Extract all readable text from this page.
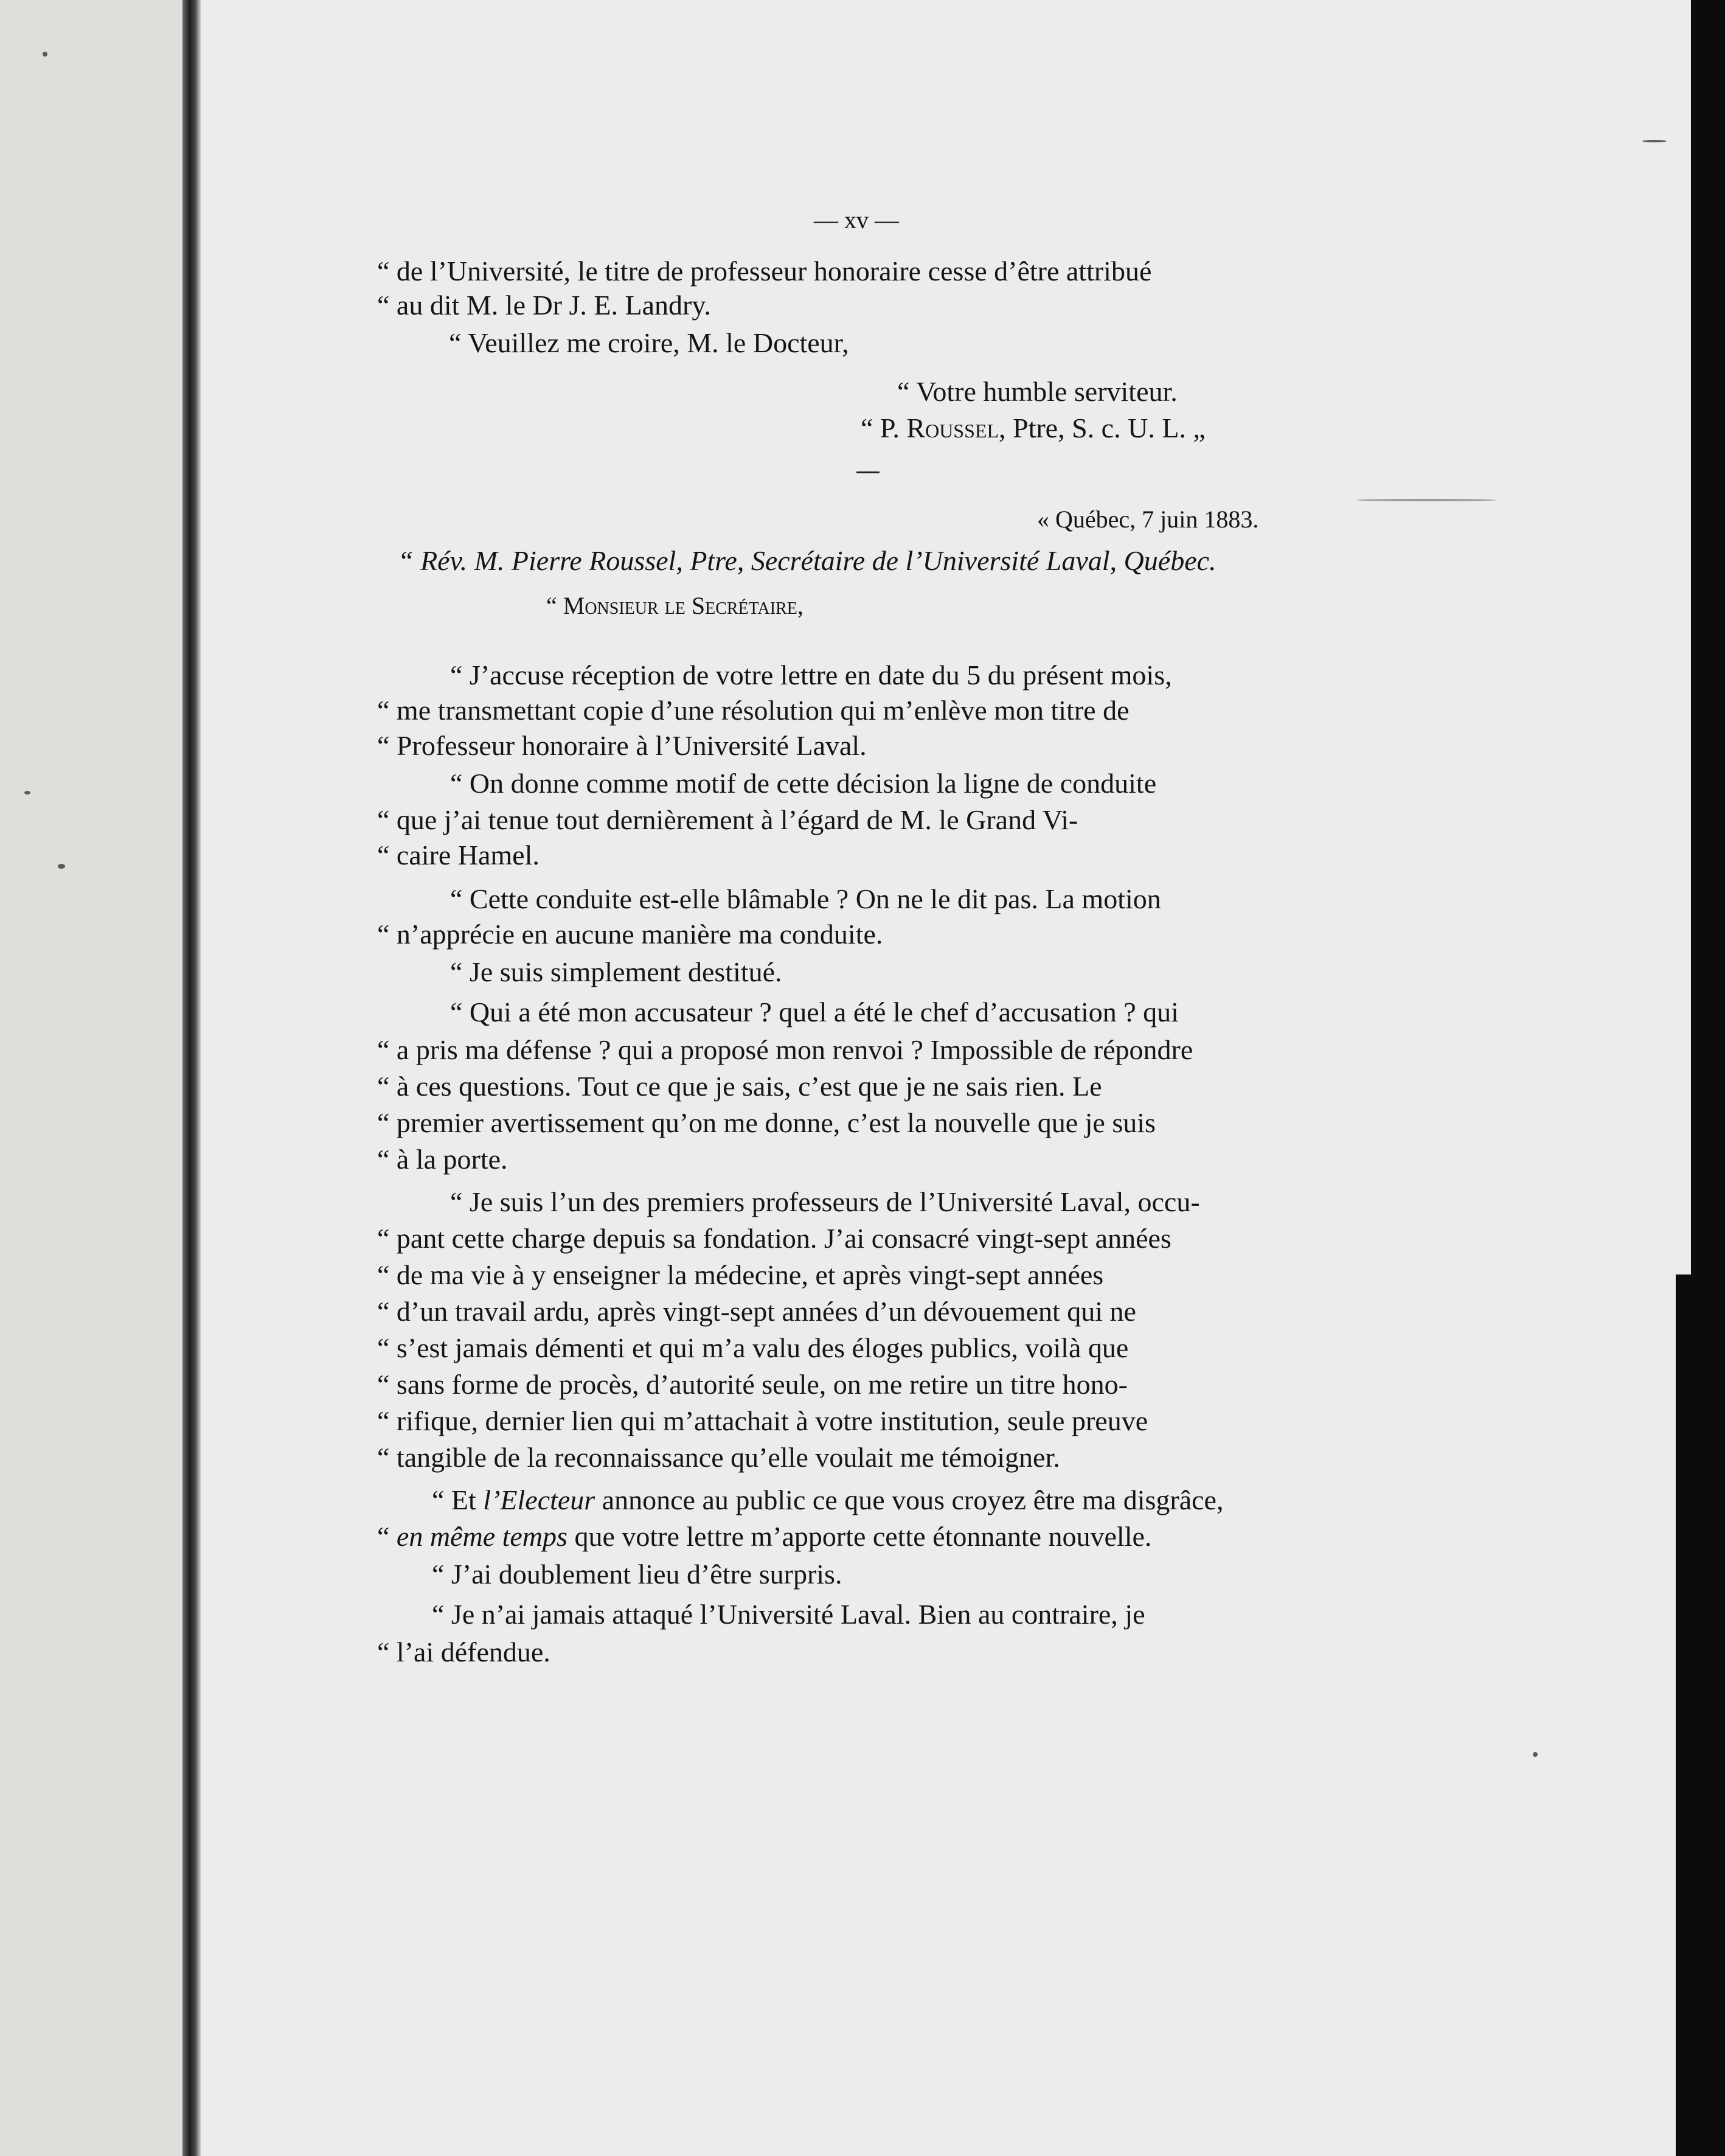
— xv —
“ de l’Université, le titre de professeur honoraire cesse d’être attribué
“ au dit M. le Dr J. E. Landry.
“ Veuillez me croire, M. le Docteur,
“ Votre humble serviteur.
“ P. Roussel, Ptre, S. c. U. L. „
« Québec, 7 juin 1883.
“ Rév. M. Pierre Roussel, Ptre, Secrétaire de l’Université Laval, Québec.
“ Monsieur le Secrétaire,
“ J’accuse réception de votre lettre en date du 5 du présent mois,
“ me transmettant copie d’une résolution qui m’enlève mon titre de
“ Professeur honoraire à l’Université Laval.
“ On donne comme motif de cette décision la ligne de conduite
“ que j’ai tenue tout dernièrement à l’égard de M. le Grand Vi-
“ caire Hamel.
“ Cette conduite est-elle blâmable ? On ne le dit pas. La motion
“ n’apprécie en aucune manière ma conduite.
“ Je suis simplement destitué.
“ Qui a été mon accusateur ? quel a été le chef d’accusation ? qui
“ a pris ma défense ? qui a proposé mon renvoi ? Impossible de répondre
“ à ces questions. Tout ce que je sais, c’est que je ne sais rien. Le
“ premier avertissement qu’on me donne, c’est la nouvelle que je suis
“ à la porte.
“ Je suis l’un des premiers professeurs de l’Université Laval, occu-
“ pant cette charge depuis sa fondation. J’ai consacré vingt-sept années
“ de ma vie à y enseigner la médecine, et après vingt-sept années
“ d’un travail ardu, après vingt-sept années d’un dévouement qui ne
“ s’est jamais démenti et qui m’a valu des éloges publics, voilà que
“ sans forme de procès, d’autorité seule, on me retire un titre hono-
“ rifique, dernier lien qui m’attachait à votre institution, seule preuve
“ tangible de la reconnaissance qu’elle voulait me témoigner.
“ Et l’Electeur annonce au public ce que vous croyez être ma disgrâce,
“ en même temps que votre lettre m’apporte cette étonnante nouvelle.
“ J’ai doublement lieu d’être surpris.
“ Je n’ai jamais attaqué l’Université Laval. Bien au contraire, je
“ l’ai défendue.
